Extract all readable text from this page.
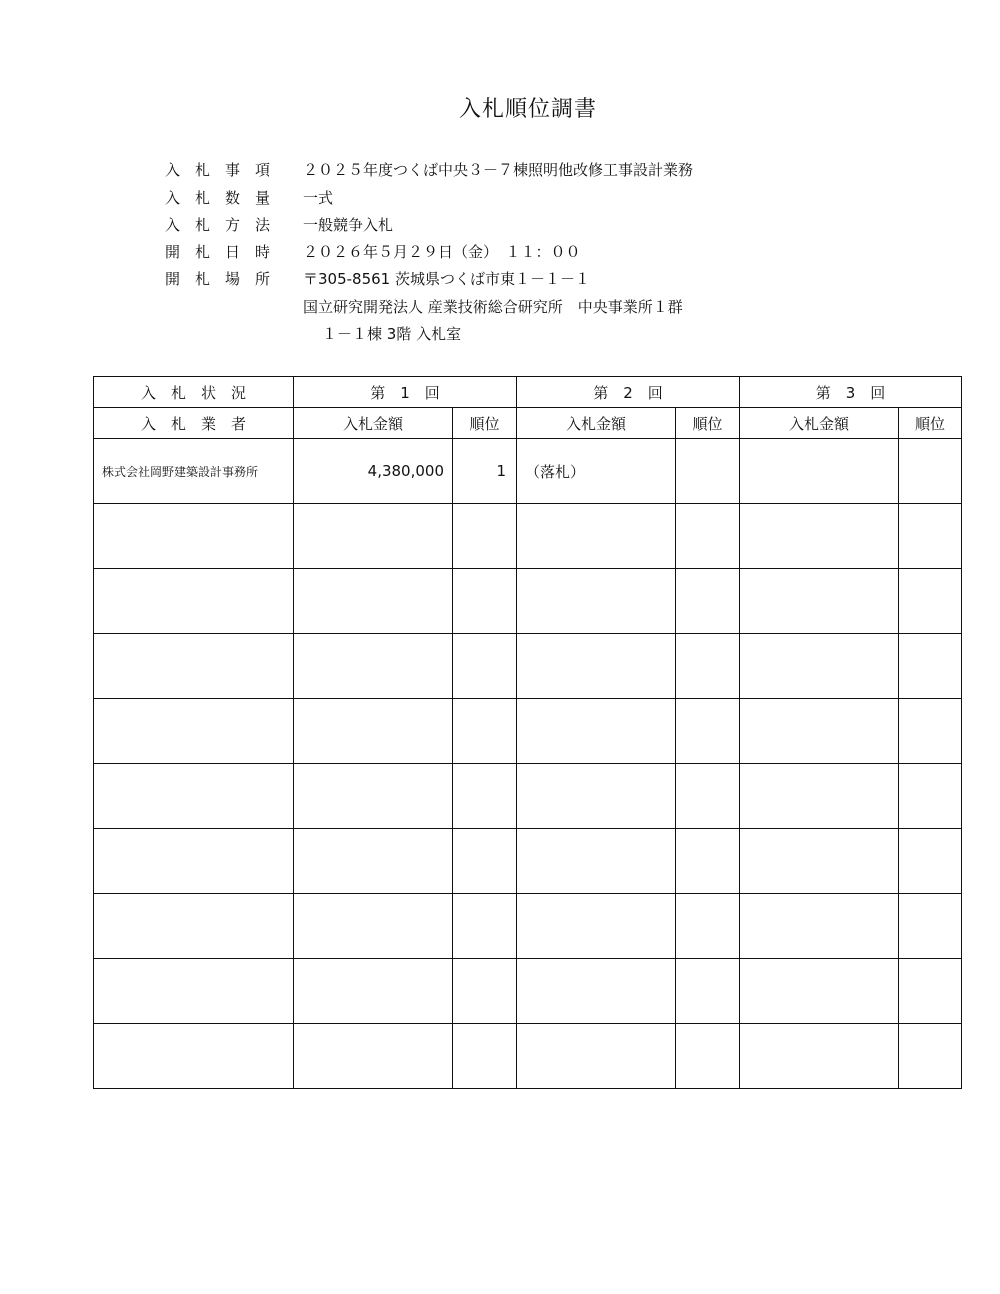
入札順位調書
入　札　事　項 ２０２５年度つくば中央３－７棟照明他改修工事設計業務
入　札　数　量 一式
入　札　方　法 一般競争入札
開　札　日　時 ２０２６年５月２９日（金）　１１：００
開　札　場　所 〒305-8561 茨城県つくば市東１－１－１
国立研究開発法人 産業技術総合研究所　中央事業所１群
１－１棟 3階 入札室
入　札　状　況	第　1　回		第　2　回		第　3　回	
入　札　業　者	入札金額	順位	入札金額	順位	入札金額	順位
株式会社岡野建築設計事務所	4,380,000	1	（落札）			
